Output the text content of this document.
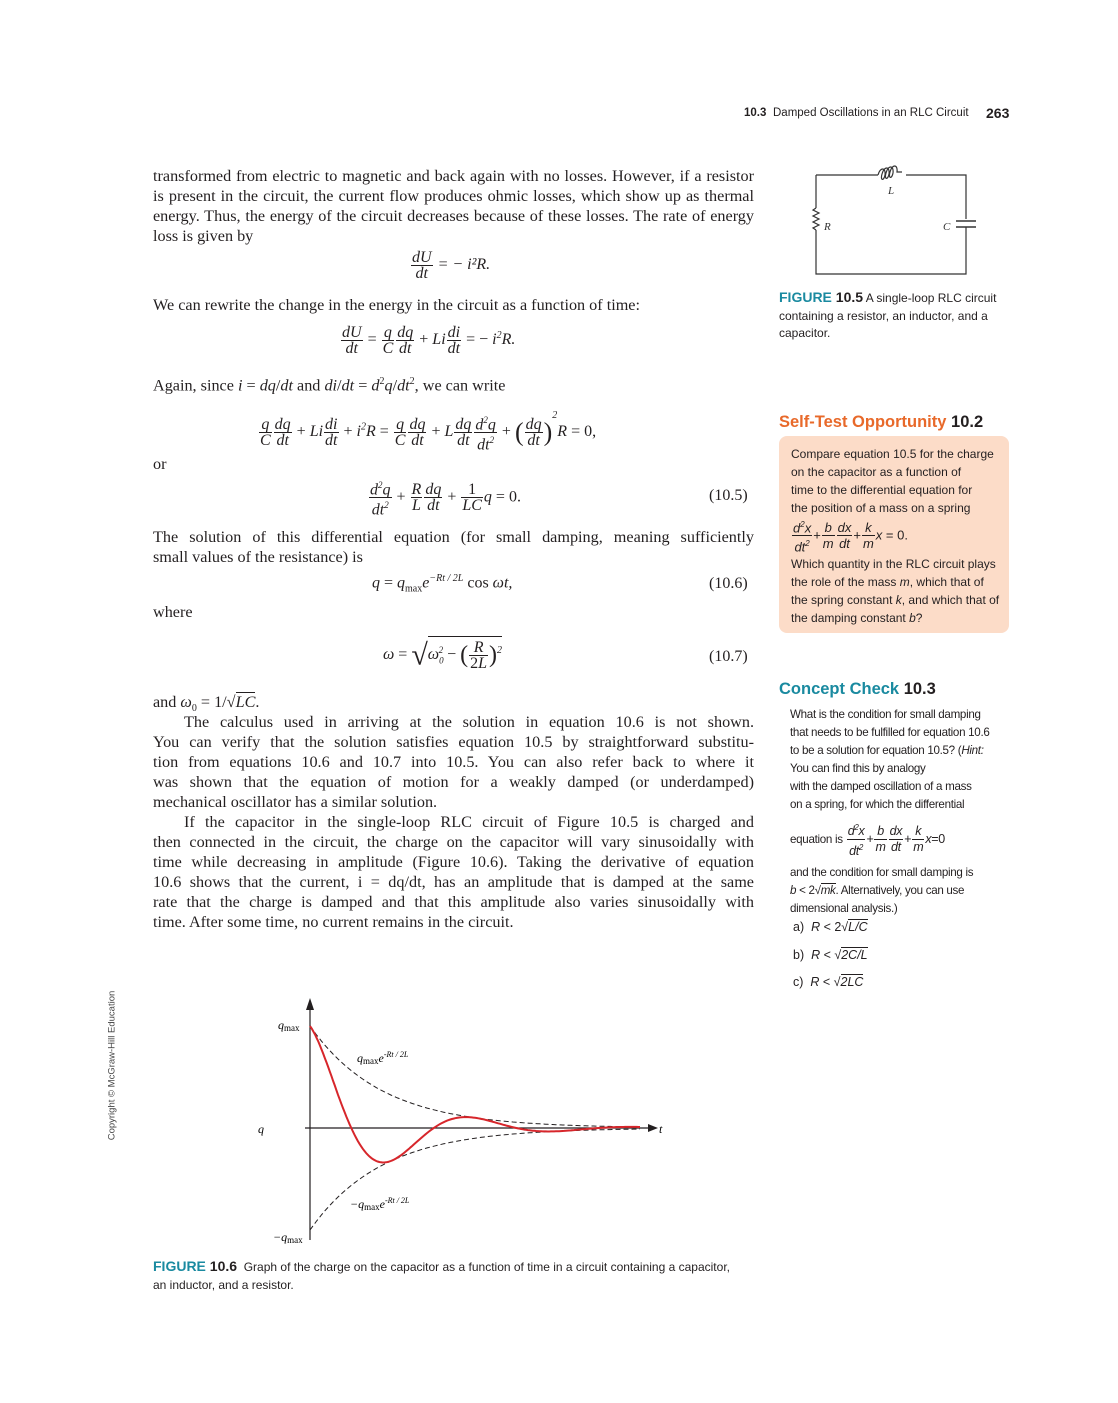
10.3 Damped Oscillations in an RLC Circuit 263
transformed from electric to magnetic and back again with no losses. However, if a resistor
is present in the circuit, the current flow produces ohmic losses, which show up as thermal
energy. Thus, the energy of the circuit decreases because of these losses. The rate of energy
loss is given by
$\frac{dU}{dt}$ = − i²R.
We can rewrite the change in the energy in the circuit as a function of time:
$\frac{dU}{dt} = \frac{q}{C} \frac{dq}{dt} + Li \frac{di}{dt}$ = − $i^2R$.
Again, since i = dq/dt and $di/dt = d^2q/dt^2$, we can write
$\frac{q}{C} \frac{dq}{dt} + Li \frac{di}{dt} + i^2R = \frac{q}{C} \frac{dq}{dt} + L \frac{dq}{dt} \frac{d^2q}{dt^2}$ + ( $\frac{dq}{dt} )^2R = 0$,
or
$\frac{d^2q}{dt^2} + \frac{R}{L} \frac{dq}{dt} + \frac{1}{LC}$ q = 0.	(10.5)
The solution of this differential equation (for small damping, meaning sufficiently
small values of the resistance) is
$q = q_{max}e^{-Rt / 2L}$ cos ωt,	(10.6)
where
$\omega = √\omega_0^2$ − ( $\frac{R}{2L} )^2$	(10.7)
and $\omega_0 = 1/√LC$.
The calculus used in arriving at the solution in equation 10.6 is not shown.
You can verify that the solution satisfies equation 10.5 by straightforward substitu-
tion from equations 10.6 and 10.7 into 10.5. You can also refer back to where it
was shown that the equation of motion for a weakly damped (or underdamped)
mechanical oscillator has a similar solution.
If the capacitor in the single-loop RLC circuit of Figure 10.5 is charged and
then connected in the circuit, the charge on the capacitor will vary sinusoidally with
time while decreasing in amplitude (Figure 10.6). Taking the derivative of equation
10.6 shows that the current, i = dq/dt, has an amplitude that is damped at the same
rate that the charge is damped and that this amplitude also varies sinusoidally with
time. After some time, no current remains in the circuit.
L
R	C
FIGURE 10.5 A single-loop RLC circuit
containing a resistor, an inductor, and a
capacitor.
Self-Test Opportunity 10.2
Compare equation 10.5 for the charge
on the capacitor as a function of
time to the differential equation for
the position of a mass on a spring
$\frac{d^2x}{dt^2} + \frac{b}{m} \frac{dx}{dt} + \frac{k}{m}$ x = 0.
Which quantity in the RLC circuit plays
the role of the mass m, which that of
the spring constant k, and which that of
the damping constant b?
Concept Check 10.3
What is the condition for small damping
that needs to be fulfilled for equation 10.6
to be a solution for equation 10.5? (Hint:
You can find this by analogy
with the damped oscillation of a mass
on a spring, for which the differential
equation is $\frac{d^2x}{dt^2} + \frac{b}{m} \frac{dx}{dt} + \frac{k}{m} x=0$
and the condition for small damping is
b < 2√mk. Alternatively, you can use
dimensional analysis.)
a) R < 2√L/C
b) R < √2C/L
c) R < √2LC
qmax
−qmax
q	t
qmaxe$^{-Rt / 2L}$
−qmaxe$^{-Rt / 2L}$
FIGURE 10.6 Graph of the charge on the capacitor as a function of time in a circuit containing a capacitor,
an inductor, and a resistor.
Copyright © McGraw-Hill Education
